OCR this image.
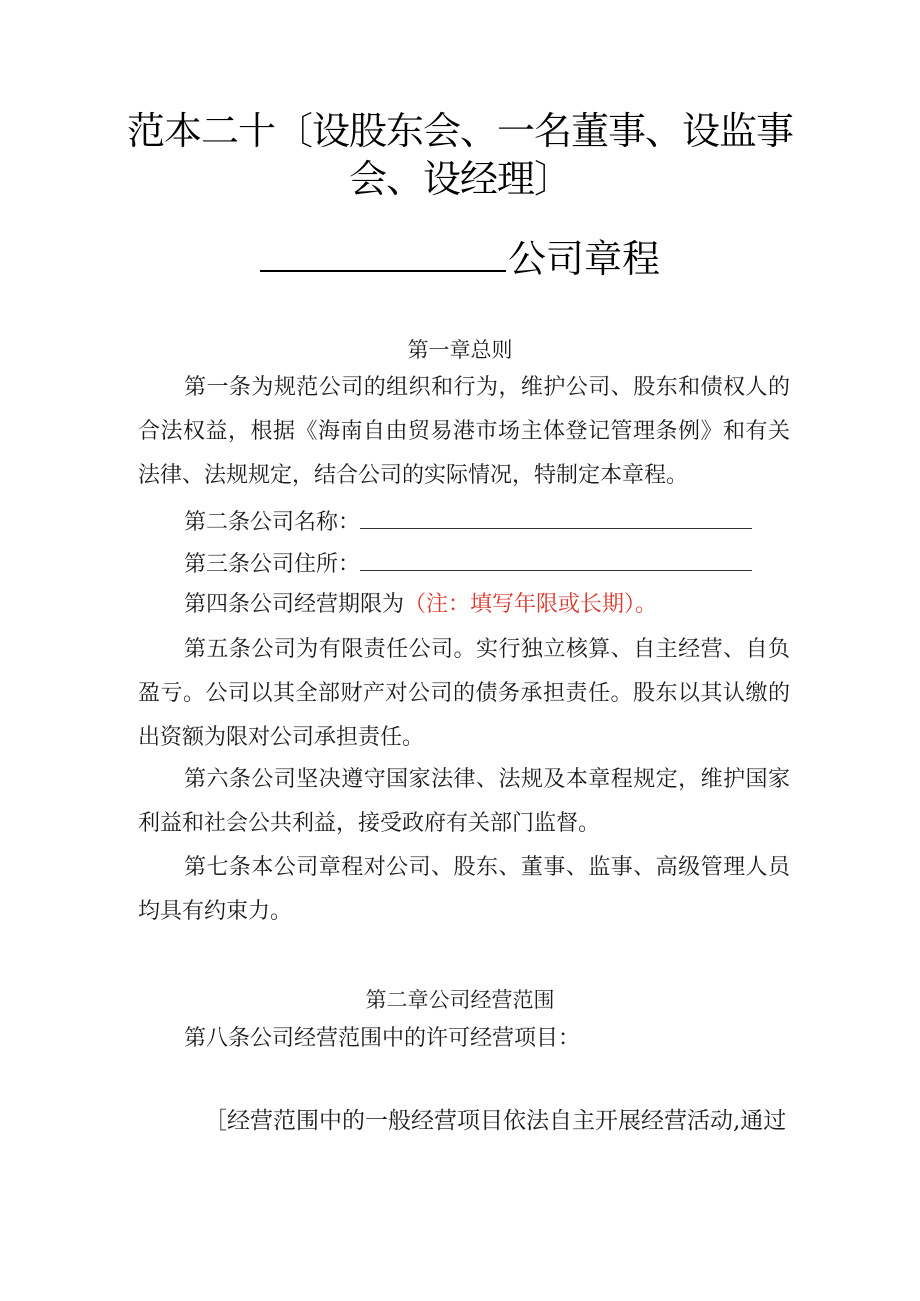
范本二十〔设股东会、一名董事、设监事
会、设经理〕
公司章程
第一章总则
第一条为规范公司的组织和行为，维护公司、股东和债权人的合法权益，根据《海南自由贸易港市场主体登记管理条例》和有关法律、法规规定，结合公司的实际情况，特制定本章程。
第二条公司名称：
第三条公司住所：
第四条公司经营期限为（注：填写年限或长期）。
第五条公司为有限责任公司。实行独立核算、自主经营、自负盈亏。公司以其全部财产对公司的债务承担责任。股东以其认缴的出资额为限对公司承担责任。
第六条公司坚决遵守国家法律、法规及本章程规定，维护国家利益和社会公共利益，接受政府有关部门监督。
第七条本公司章程对公司、股东、董事、监事、高级管理人员均具有约束力。
第二章公司经营范围
第八条公司经营范围中的许可经营项目：
［经营范围中的一般经营项目依法自主开展经营活动,通过
